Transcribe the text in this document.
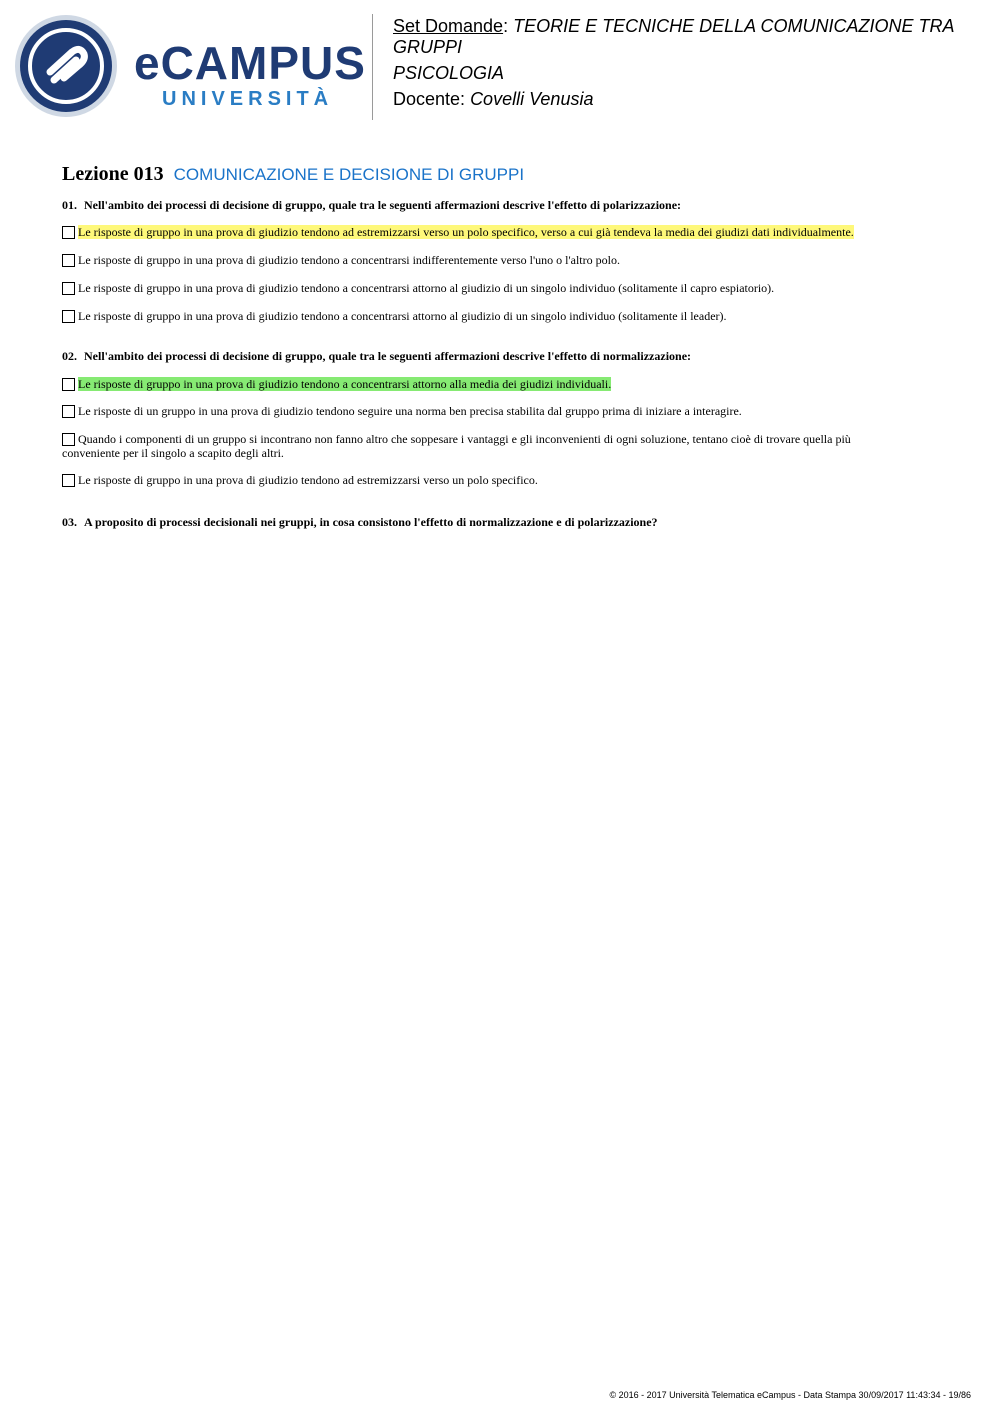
eCAMPUS
UNIVERSITÀ

Set Domande: TEORIE E TECNICHE DELLA COMUNICAZIONE TRA GRUPPI

PSICOLOGIA

Docente: Covelli Venusia

Lezione 013 COMUNICAZIONE E DECISIONE DI GRUPPI
01. Nell'ambito dei processi di decisione di gruppo, quale tra le seguenti affermazioni descrive l'effetto di polarizzazione:
Le risposte di gruppo in una prova di giudizio tendono ad estremizzarsi verso un polo specifico, verso a cui già tendeva la media dei giudizi dati individualmente.
Le risposte di gruppo in una prova di giudizio tendono a concentrarsi indifferentemente verso l'uno o l'altro polo.
Le risposte di gruppo in una prova di giudizio tendono a concentrarsi attorno al giudizio di un singolo individuo (solitamente il capro espiatorio).
Le risposte di gruppo in una prova di giudizio tendono a concentrarsi attorno al giudizio di un singolo individuo (solitamente il leader).
02. Nell'ambito dei processi di decisione di gruppo, quale tra le seguenti affermazioni descrive l'effetto di normalizzazione:
Le risposte di gruppo in una prova di giudizio tendono a concentrarsi attorno alla media dei giudizi individuali.
Le risposte di un gruppo in una prova di giudizio tendono seguire una norma ben precisa stabilita dal gruppo prima di iniziare a interagire.
Quando i componenti di un gruppo si incontrano non fanno altro che soppesare i vantaggi e gli inconvenienti di ogni soluzione, tentano cioè di trovare quella più conveniente per il singolo a scapito degli altri.
Le risposte di gruppo in una prova di giudizio tendono ad estremizzarsi verso un polo specifico.
03. A proposito di processi decisionali nei gruppi, in cosa consistono l'effetto di normalizzazione e di polarizzazione?
© 2016 - 2017 Università Telematica eCampus - Data Stampa 30/09/2017 11:43:34 - 19/86
